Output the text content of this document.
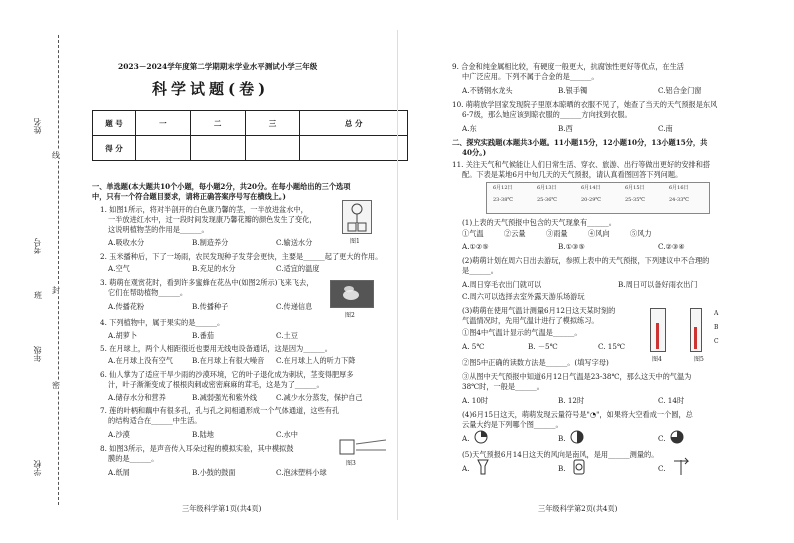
姓名
线
考号
封
班
年级
密
学校
2023－2024学年度第二学期期末学业水平测试小学三年级
科学试题(卷)
题 号	一	二	三	总 分
得 分				
一、单选题(本大题共10个小题，每小题2分，共20分。在每小题给出的三个选项
中，只有一个符合题目要求，请将正确答案序号写在横线上。)
1. 如图1所示，将对半剖开的白色康乃馨的茎，一半放进盆水中，
一半放进红水中，过一段时间发现康乃馨花瓣的颜色发生了变化，
这说明植物茎的作用是______。
A.吸收水分	B.制造养分	C.输送水分	图1
2. 玉米播种后，下了一场雨，农民发现种子发芽会更快，主要是______起了更大的作用。
A.空气	B.充足的水分	C.适宜的温度
3. 萌萌在观赏花时，看到许多蜜蜂在花丛中(如图2所示)飞来飞去，
它们在帮助植物______。
A.传播花粉	B.传播种子	C.传递信息
图2
4. 下列植物中，属于果实的是______。
A.胡萝卜	B.番茄	C.土豆
5. 在月球上，两个人相距很近也要用无线电设备通话，这是因为______。
A.在月球上没有空气	B.在月球上有很大噪音 C.在月球上人的听力下降
6. 仙人掌为了适应干旱少雨的沙漠环境，它的叶子退化成为刺状，茎变得肥厚多
汁，叶子渐渐变成了根根肉刺或密密麻麻的茸毛，这是为了______。
A.储存水分和营养	B.减弱强光和紫外线	C.减少水分蒸发，保护自己
7. 莲的叶柄和藕中有很多孔，孔与孔之间相通形成一个气体通道，这些有孔
的结构适合在______中生活。
A.沙漠	B.陆地	C.水中
8. 如图3所示，是声音传入耳朵过程的模拟实验，其中模拟鼓
膜的是______。
A.纸屑	B.小鼓的鼓面	C.泡沫塑料小球
图3
三年级科学第1页(共4页)
9. 合金和纯金属相比较，有硬度一般更大，抗腐蚀性更好等优点，在生活
中广泛应用。下列不属于合金的是______。
A.不锈钢水龙头	B.银手镯	C.铝合金门窗
10. 萌萌放学回家发现院子里原本晾晒的衣服不见了，她查了当天的天气预报是东风
6-7级，那么她应该到晾衣服的______方向找到衣服。
A.东	B.西	C.南
二、探究实践题(本题共3小题。11小题15分，12小题10分，13小题15分，共
40分。)
11. 关注天气和气候能让人们日常生活、穿衣、旅游、出行等做出更好的安排和搭
配。下表是某地6月中旬几天的天气预报，请认真看图回答下列问题。
6月12日	6月13日	6月14日	6月15日	6月16日
23-38℃	25-36℃	20-29℃	25-35℃	24-33℃
(1)上表的天气预报中包含的天气现象有______。
①气温	②云量	③雨量	④风向	⑤风力
A.①②⑤	B.①③⑤	C.②③④
(2)萌萌计划在周六日出去游玩，参照上表中的天气预报，下列建议中不合理的
是______。
A.周日穿毛衣出门就可以	B.周日可以备好雨衣出门
C.周六可以选择去室外露天游乐场游玩
(3)萌萌在使用气温计测量6月12日这天某时刻的
气温情况时，先用气温计进行了模拟练习。
①图4中气温计显示的气温是______。
A. 5℃	B. －5℃	C. 15℃
图4
A
B
C
图5
②图5中正确的读数方法是______。(填写字母)
③从图中天气预报中知道6月12日气温是23-38℃，那么这天中的气温为
38℃时，一般是______。
A. 10时	B. 12时	C. 14时
(4)6月15日这天，萌萌发现云量符号是"◔"，如果将大空看成一个圆，总
云量大约是下列哪个图______。
A.	B.	C.
(5)天气预报6月14日这天的风向是南风，是用______测量的。
A.	B.	C.
三年级科学第2页(共4页)
